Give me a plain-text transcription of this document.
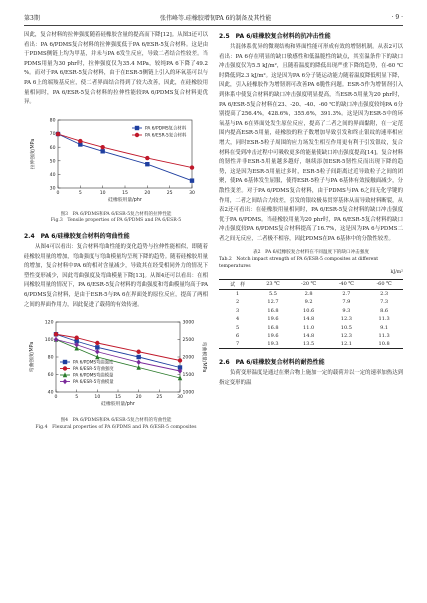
第3期	张伟峰等.硅橡胶增韧PA 6的制备及其性能	· 9 ·

因此，复合材料的拉伸强度随着硅橡胶含量的提高而下降[12]。从图3还可以看出：PA 6/PDMS复合材料的拉伸强度低于PA 6/ESR-5复合材料。这是由于PDMS侧链上均为甲基，并未与PA 6发生反应，导致二者结合性较差。当PDMS用量为30 phr时，拉伸强度仅为35.4 MPa，较纯PA 6下降了49.2 %。而对于PA 6/ESR-5复合材料，由于在ESR-5侧链上引入的环氧基可以与PA 6上的端羧基反应，使二者界面结合得到了较大改善，因此，在硅橡胶用量相同时，PA 6/ESR-5复合材料的拉伸性能较PA 6/PDMS复合材料更优异。

30
40
50
60
70
80
0	5	10	15	20	25	30
拉伸强度/MPa
硅橡胶用量/phr
PA 6/PDMS复合材料
PA 6/ESR-5复合材料
图3　PA 6/PDMS和PA 6/ESR-5复合材料的拉伸性能
Fig.3　Tensile properties of PA 6/PDMS and PA 6/ESR-5
2.4　PA 6/硅橡胶复合材料的弯曲性能

从图4可以看出：复合材料弯曲性能的变化趋势与拉伸性能相似，即随着硅橡胶用量的增加，弯曲强度与弯曲模量均呈现下降的趋势。随着硅橡胶用量的增加，复合材料中PA 6的相对含量减少，导致其在经受相同外力的情况下塑性变形减少，因此弯曲强度及弯曲模量下降[13]。从图4还可以看出：在相同橡胶用量的情况下，PA 6/ESR-5复合材料的弯曲强度和弯曲模量均高于PA 6/PDMS复合材料，是由于ESR-5与PA 6在界面处的原位反应，提高了两相之间的界面作用力，因此促进了载荷的有效传递。

40
60
80
100
120
1000
1500
2000
2500
3000
0	5	10	15	20	25	30
弯曲强度/MPa	弯曲模量/MPa
硅橡胶用量/phr
PA 6/PDMS弯曲强度
PA 6/ESR-5弯曲强度
PA 6/PDMS弯曲模量
PA 6/ESR-5弯曲模量
图4　PA 6/PDMS和PA 6/ESR-5复合材料的弯曲性能
Fig.4　Flexural properties of PA 6/PDMS and PA 6/ESR-5 composites
2.5　PA 6/硅橡胶复合材料的抗冲击性能

共混体系优异的微观结构和界面性能可形成有效的增韧机制。从表2可以看出：PA 6存在明显的缺口敏感性和低温脆性的缺点，其室温条件下的缺口冲击强度仅为5.5 kJ/m²，且随着温度的降低出现严重下降的趋势，在-60 ℃时降低到2.3 kJ/m²。这是因为PA 6分子链运动能力随着温度降低明显下降，因此，引入硅橡胶作为增韧剂可改善PA 6脆性问题。ESR-5作为增韧剂引入到体系中使复合材料的缺口冲击强度明显提高，当ESR-5用量为20 phr时，PA 6/ESR-5复合材料在23、-20、-40、-60 ℃的缺口冲击强度较纯PA 6分别提高了256.4%，428.6%，355.6%，391.3%。这是因为ESR-5中的环氧基与PA 6在界面处发生原位反应，提高了二者之间的界面黏附，在一定范围内提高ESR-5用量，硅橡胶的粒子数增加导致引发和终止银纹的速率相应增大，同时ESR-5粒子周围的应力场发生相互作用更有利于引发银纹，复合材料在受到冲击过程中可吸收更多的能量使缺口冲击强度提高[14]。复合材料的韧性并非ESR-5用量越多越好，继续添加ESR-5韧性反而出现下降的趋势，这是因为ESR-5用量过多时，ESR-5粒子间距离过近导致粒子之间的团聚，使PA 6基体发生屈服，使得ESR-5粒子与PA 6基体有效接触面减少，分散性变差。对于PA 6/PDMS复合材料，由于PDMS与PA 6之间无化学键的作用，二者之间结合力较差，引发的银纹极易贯穿基体从而导致材料断裂，从表2还可看出：在硅橡胶用量相同时，PA 6/ESR-5复合材料的缺口冲击强度优于PA 6/PDMS。当硅橡胶用量为20 phr时，PA 6/ESR-5复合材料的缺口冲击强度较PA 6/PDMS复合材料提高了16.7%，这是因为PA 6与PDMS二者之间无反应，二者极不相容，因此PDMS在PA 6基体中的分散性较差。

表2　PA 6/硅橡胶复合材料在不同温度下的缺口冲击强度
Tab.2　Notch impact strength of PA 6/ESR-5 composites at different temperatures
kJ/m²
试　样	23 ℃	-20 ℃	-40 ℃	-60 ℃
1	5.5	2.8	2.7	2.3
2	12.7	9.2	7.9	7.3
3	16.8	10.6	9.3	8.6
4	19.6	14.8	12.3	11.3
5	16.8	11.0	10.5	9.1
6	19.6	14.8	12.3	11.3
7	19.3	13.5	12.1	10.8
2.6　PA 6/硅橡胶复合材料的耐热性能

负荷变形温度是通过在聚合物上施加一定的载荷并以一定的速率加热达到指定变形的温
